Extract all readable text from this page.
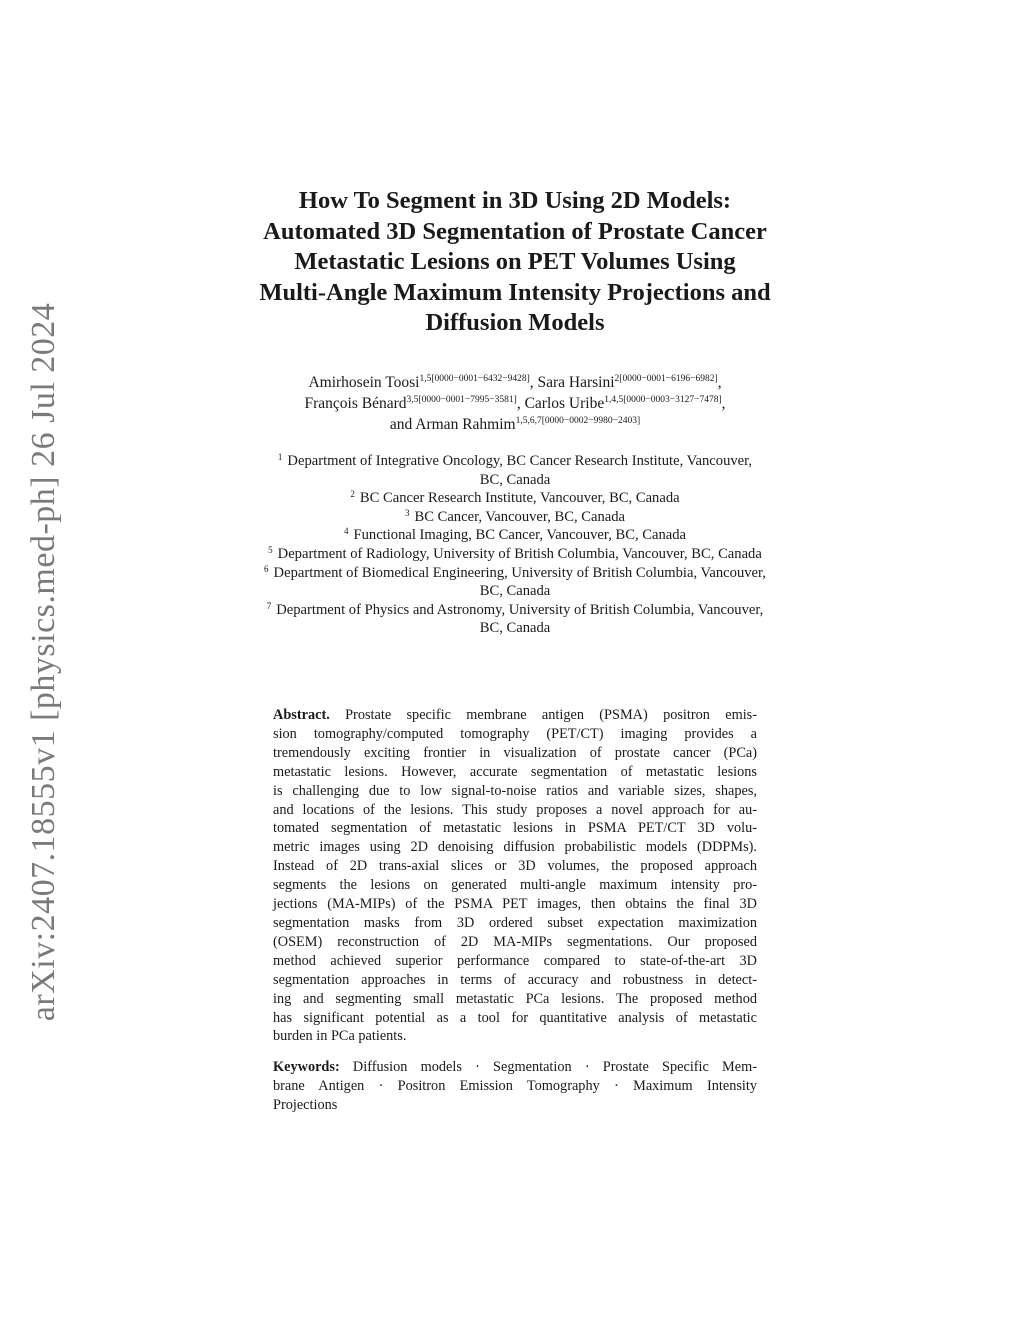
arXiv:2407.18555v1 [physics.med-ph] 26 Jul 2024
How To Segment in 3D Using 2D Models:
Automated 3D Segmentation of Prostate Cancer
Metastatic Lesions on PET Volumes Using
Multi-Angle Maximum Intensity Projections and
Diffusion Models
Amirhosein Toosi$^{1,5[0000-0001-6432-9428]}$, Sara Harsini$^{2[0000-0001-6196-6982]}$,
François Bénard$^{3,5[0000-0001-7995-3581]}$, Carlos Uribe$^{1,4,5[0000-0003-3127-7478]}$,
and Arman Rahmim$^{1,5,6,7[0000-0002-9980-2403]}$
$^1$ Department of Integrative Oncology, BC Cancer Research Institute, Vancouver,
BC, Canada
$^2$ BC Cancer Research Institute, Vancouver, BC, Canada
$^3$ BC Cancer, Vancouver, BC, Canada
$^4$ Functional Imaging, BC Cancer, Vancouver, BC, Canada
$^5$ Department of Radiology, University of British Columbia, Vancouver, BC, Canada
$^6$ Department of Biomedical Engineering, University of British Columbia, Vancouver,
BC, Canada
$^7$ Department of Physics and Astronomy, University of British Columbia, Vancouver,
BC, Canada
Abstract. Prostate specific membrane antigen (PSMA) positron emis-
sion tomography/computed tomography (PET/CT) imaging provides a
tremendously exciting frontier in visualization of prostate cancer (PCa)
metastatic lesions. However, accurate segmentation of metastatic lesions
is challenging due to low signal-to-noise ratios and variable sizes, shapes,
and locations of the lesions. This study proposes a novel approach for au-
tomated segmentation of metastatic lesions in PSMA PET/CT 3D volu-
metric images using 2D denoising diffusion probabilistic models (DDPMs).
Instead of 2D trans-axial slices or 3D volumes, the proposed approach
segments the lesions on generated multi-angle maximum intensity pro-
jections (MA-MIPs) of the PSMA PET images, then obtains the final 3D
segmentation masks from 3D ordered subset expectation maximization
(OSEM) reconstruction of 2D MA-MIPs segmentations. Our proposed
method achieved superior performance compared to state-of-the-art 3D
segmentation approaches in terms of accuracy and robustness in detect-
ing and segmenting small metastatic PCa lesions. The proposed method
has significant potential as a tool for quantitative analysis of metastatic
burden in PCa patients.
Keywords: Diffusion models · Segmentation · Prostate Specific Mem-
brane Antigen · Positron Emission Tomography · Maximum Intensity
Projections
